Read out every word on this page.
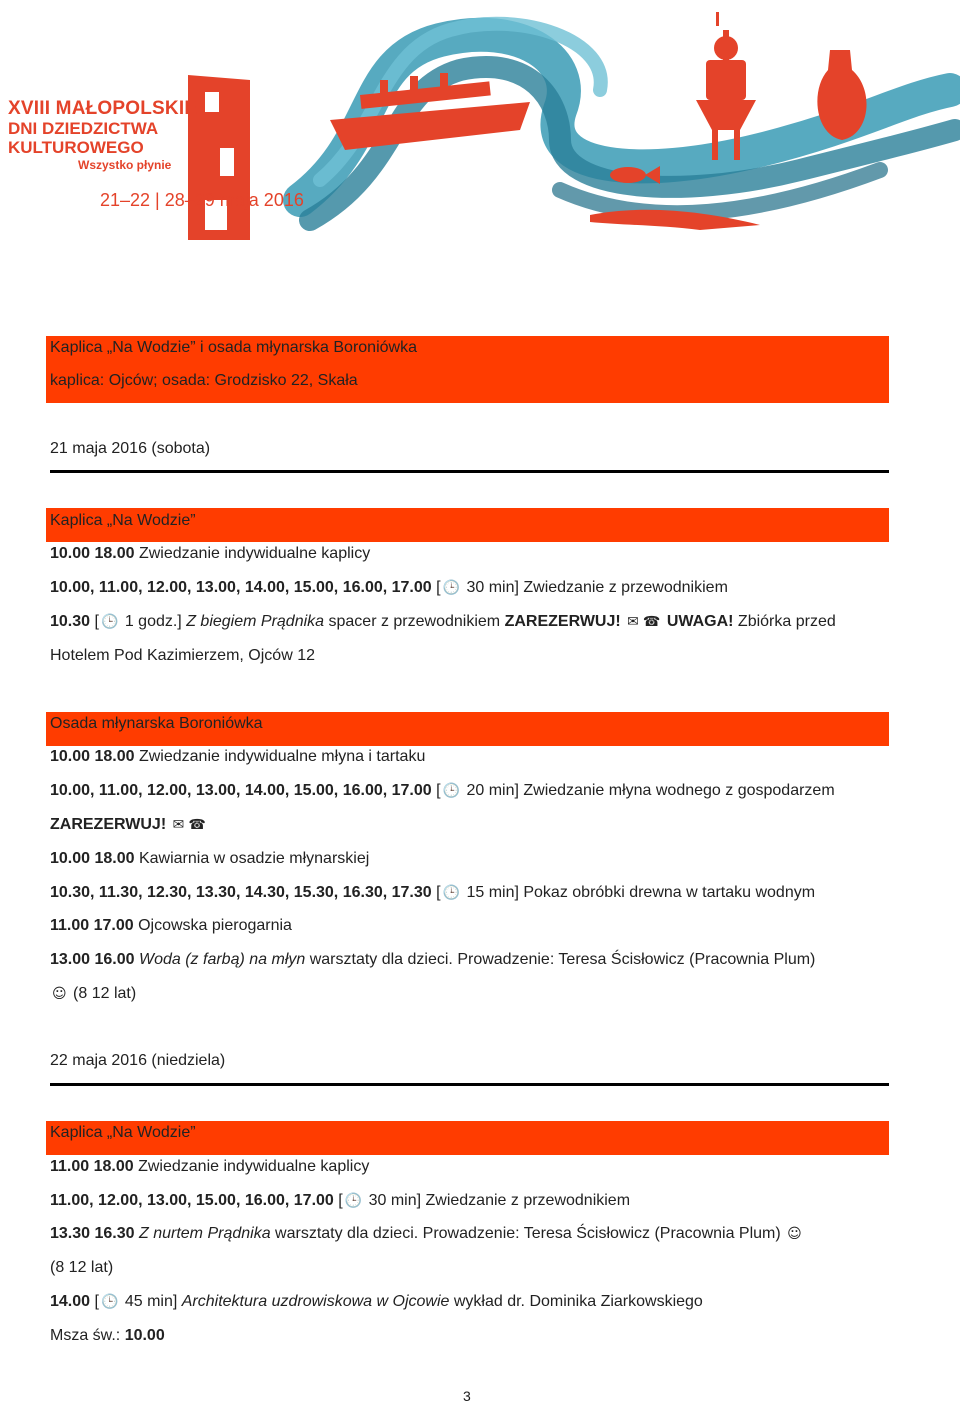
XVIII MAŁOPOLSKIE
DNI DZIEDZICTWA
KULTUROWEGO
Wszystko płynie
21–22 | 28–29 maja 2016
Kaplica „Na Wodzie” i osada młynarska Boroniówka
kaplica: Ojców; osada: Grodzisko 22, Skała
21 maja 2016 (sobota)
Kaplica „Na Wodzie”
10.00 18.00 Zwiedzanie indywidualne kaplicy
10.00, 11.00, 12.00, 13.00, 14.00, 15.00, 16.00, 17.00 [ 🕒 30 min] Zwiedzanie z przewodnikiem
10.30 [ 🕒 1 godz.] Z biegiem Prądnika spacer z przewodnikiem ZAREZERWUJ! ✉ ☎ UWAGA! Zbiórka przed
Hotelem Pod Kazimierzem, Ojców 12
Osada młynarska Boroniówka
10.00 18.00 Zwiedzanie indywidualne młyna i tartaku
10.00, 11.00, 12.00, 13.00, 14.00, 15.00, 16.00, 17.00 [ 🕒 20 min] Zwiedzanie młyna wodnego z gospodarzem
ZAREZERWUJ! ✉ ☎
10.00 18.00 Kawiarnia w osadzie młynarskiej
10.30, 11.30, 12.30, 13.30, 14.30, 15.30, 16.30, 17.30 [ 🕒 15 min] Pokaz obróbki drewna w tartaku wodnym
11.00 17.00 Ojcowska pierogarnia
13.00 16.00 Woda (z farbą) na młyn warsztaty dla dzieci. Prowadzenie: Teresa Ścisłowicz (Pracownia Plum)
☺ (8 12 lat)
22 maja 2016 (niedziela)
Kaplica „Na Wodzie”
11.00 18.00 Zwiedzanie indywidualne kaplicy
11.00, 12.00, 13.00, 15.00, 16.00, 17.00 [ 🕒 30 min] Zwiedzanie z przewodnikiem
13.30 16.30 Z nurtem Prądnika warsztaty dla dzieci. Prowadzenie: Teresa Ścisłowicz (Pracownia Plum) ☺
(8 12 lat)
14.00 [ 🕒 45 min] Architektura uzdrowiskowa w Ojcowie wykład dr. Dominika Ziarkowskiego
Msza św.: 10.00
3
